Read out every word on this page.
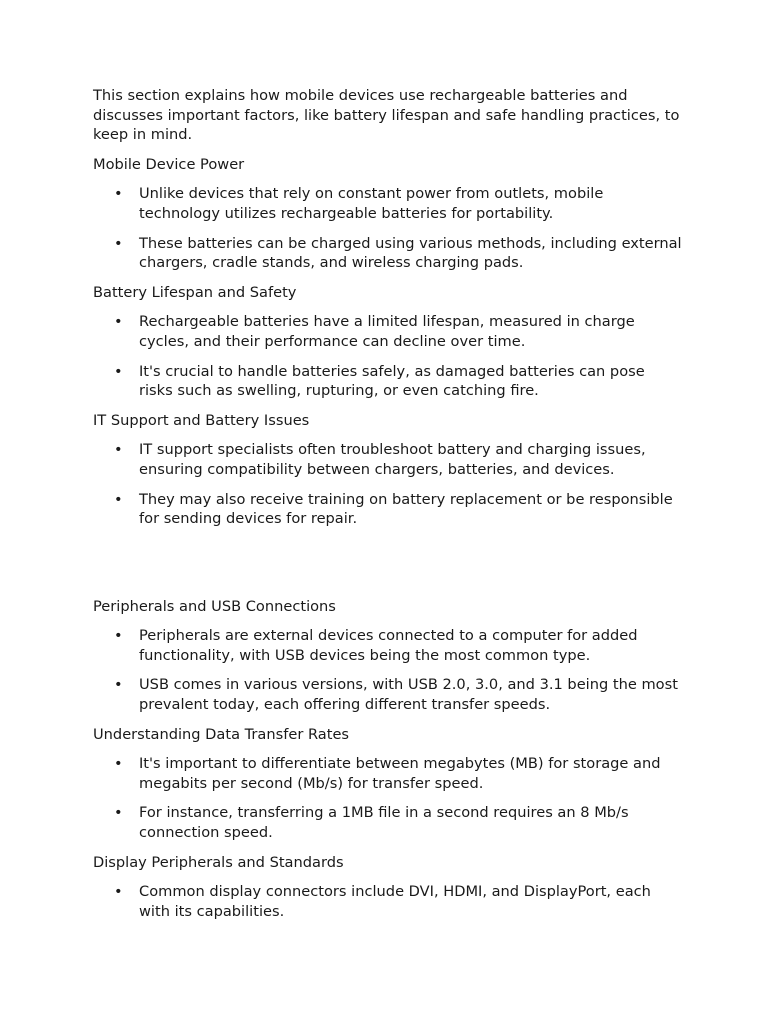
This section explains how mobile devices use rechargeable batteries and discusses important factors, like battery lifespan and safe handling practices, to keep in mind.

Mobile Device Power

• Unlike devices that rely on constant power from outlets, mobile technology utilizes rechargeable batteries for portability.
• These batteries can be charged using various methods, including external chargers, cradle stands, and wireless charging pads.

Battery Lifespan and Safety

• Rechargeable batteries have a limited lifespan, measured in charge cycles, and their performance can decline over time.
• It's crucial to handle batteries safely, as damaged batteries can pose risks such as swelling, rupturing, or even catching fire.

IT Support and Battery Issues

• IT support specialists often troubleshoot battery and charging issues, ensuring compatibility between chargers, batteries, and devices.
• They may also receive training on battery replacement or be responsible for sending devices for repair.

Peripherals and USB Connections

• Peripherals are external devices connected to a computer for added functionality, with USB devices being the most common type.
• USB comes in various versions, with USB 2.0, 3.0, and 3.1 being the most prevalent today, each offering different transfer speeds.

Understanding Data Transfer Rates

• It's important to differentiate between megabytes (MB) for storage and megabits per second (Mb/s) for transfer speed.
• For instance, transferring a 1MB file in a second requires an 8 Mb/s connection speed.

Display Peripherals and Standards

• Common display connectors include DVI, HDMI, and DisplayPort, each with its capabilities.
